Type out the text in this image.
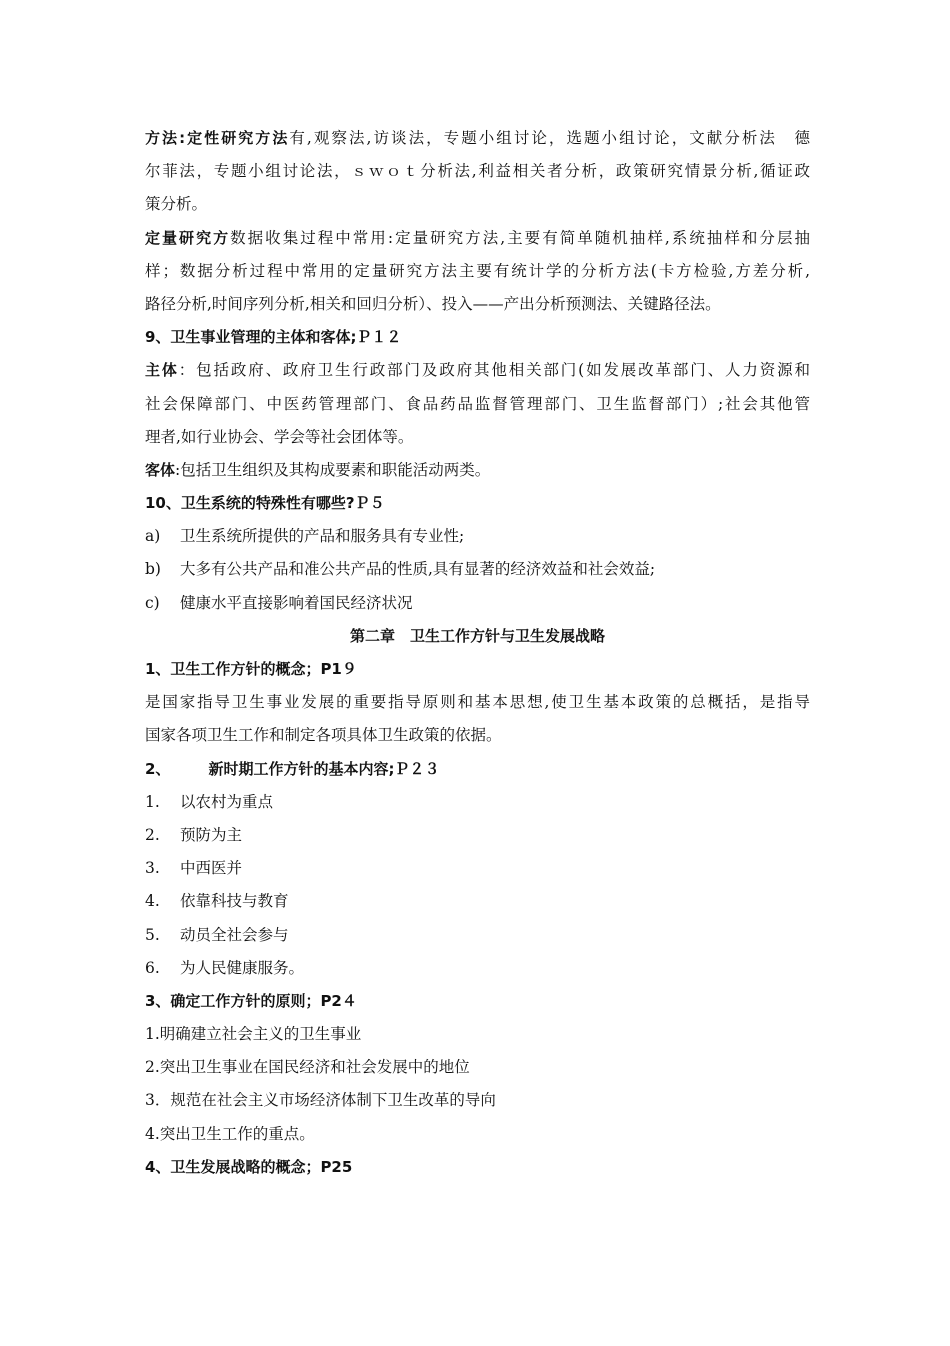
方法:定性研究方法有,观察法,访谈法，专题小组讨论，选题小组讨论，文献分析法　德
尔菲法，专题小组讨论法，ｓｗｏｔ分析法,利益相关者分析，政策研究情景分析,循证政
策分析。
定量研究方数据收集过程中常用:定量研究方法,主要有简单随机抽样,系统抽样和分层抽
样；数据分析过程中常用的定量研究方法主要有统计学的分析方法(卡方检验,方差分析,
路径分析,时间序列分析,相关和回归分析）、投入——产出分析预测法、关键路径法。
9、卫生事业管理的主体和客体;Ｐ１２
主体：包括政府、政府卫生行政部门及政府其他相关部门(如发展改革部门、人力资源和
社会保障部门、中医药管理部门、食品药品监督管理部门、卫生监督部门）;社会其他管
理者,如行业协会、学会等社会团体等。
客体:包括卫生组织及其构成要素和职能活动两类。
10、卫生系统的特殊性有哪些?Ｐ５
a) 卫生系统所提供的产品和服务具有专业性;
b) 大多有公共产品和准公共产品的性质,具有显著的经济效益和社会效益;
c) 健康水平直接影响着国民经济状况
第二章　卫生工作方针与卫生发展战略
1、卫生工作方针的概念；P1９
是国家指导卫生事业发展的重要指导原则和基本思想,使卫生基本政策的总概括，是指导
国家各项卫生工作和制定各项具体卫生政策的依据。
2、	新时期工作方针的基本内容;Ｐ２３
1. 以农村为重点
2. 预防为主
3. 中西医并
4. 依靠科技与教育
5. 动员全社会参与
6. 为人民健康服务。
3、确定工作方针的原则；P2４
1.明确建立社会主义的卫生事业
2.突出卫生事业在国民经济和社会发展中的地位
3．规范在社会主义市场经济体制下卫生改革的导向
4.突出卫生工作的重点。
4、卫生发展战略的概念；P25
